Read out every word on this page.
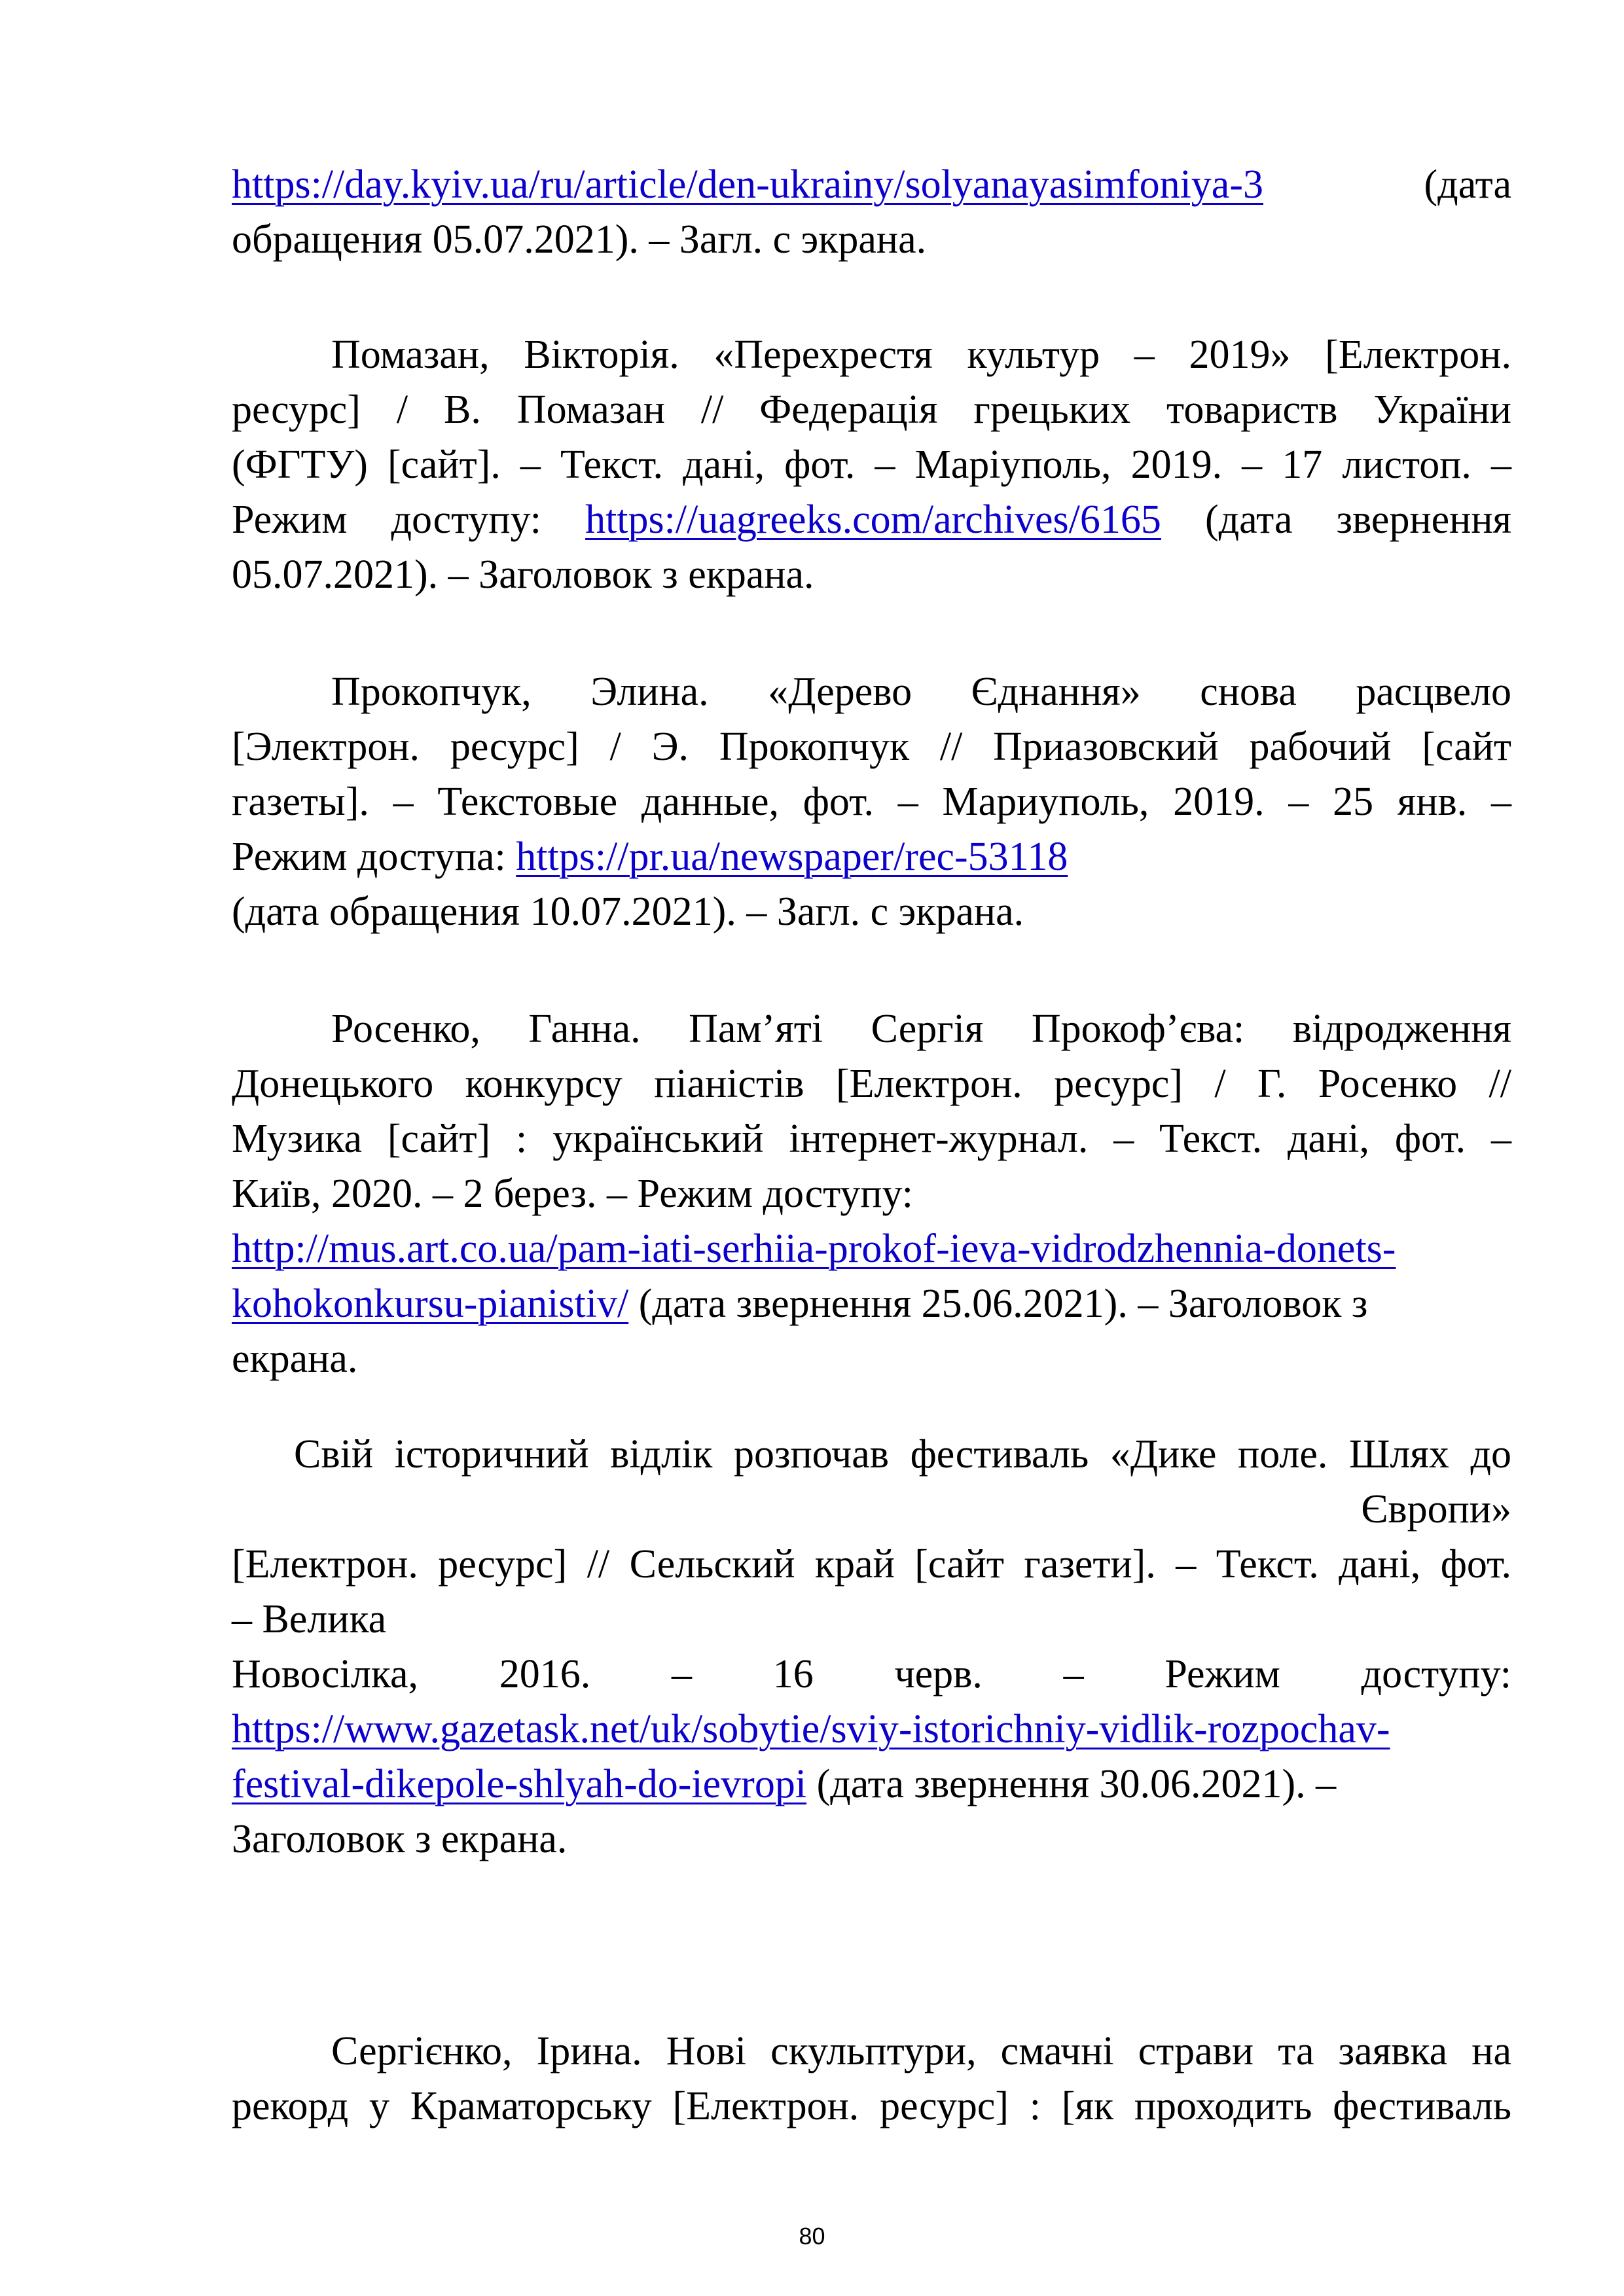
https://day.kyiv.ua/ru/article/den-ukrainy/solyanayasimfoniya-3	(дата
обращения 05.07.2021). – Загл. с экрана.
Помазан, Вікторія. «Перехрестя культур – 2019» [Електрон.
ресурс] / В. Помазан // Федерація грецьких товариств України
(ФГТУ) [сайт]. – Текст. дані, фот. – Маріуполь, 2019. – 17 листоп. –
Режим доступу: https://uagreeks.com/archives/6165 (дата звернення
05.07.2021). – Заголовок з екрана.
Прокопчук, Элина. «Дерево Єднання» снова расцвело
[Электрон. ресурс] / Э. Прокопчук // Приазовский рабочий [сайт
газеты]. – Текстовые данные, фот. – Мариуполь, 2019. – 25 янв. –
Режим доступа: https://pr.ua/newspaper/rec-53118
(дата обращения 10.07.2021). – Загл. с экрана.
Росенко, Ганна. Пам’яті Сергія Прокоф’єва: відродження
Донецького конкурсу піаністів [Електрон. ресурс] / Г. Росенко //
Музика [сайт] : український інтернет-журнал. – Текст. дані, фот. –
Київ, 2020. – 2 берез. – Режим доступу:
http://mus.art.co.ua/pam-iati-serhiia-prokof-ieva-vidrodzhennia-donets-
kohokonkursu-pianistiv/ (дата звернення 25.06.2021). – Заголовок з
екрана.
Свій історичний відлік розпочав фестиваль «Дике поле. Шлях до
Європи»
[Електрон. ресурс] // Сельский край [сайт газети]. – Текст. дані, фот.
– Велика
Новосілка, 2016. – 16 черв. – Режим доступу:
https://www.gazetask.net/uk/sobytie/sviy-istorichniy-vidlik-rozpochav-
festival-dikepole-shlyah-do-ievropi (дата звернення 30.06.2021). –
Заголовок з екрана.
Сергієнко, Ірина. Нові скульптури, смачні страви та заявка на
рекорд у Краматорську [Електрон. ресурс] : [як проходить фестиваль
80
